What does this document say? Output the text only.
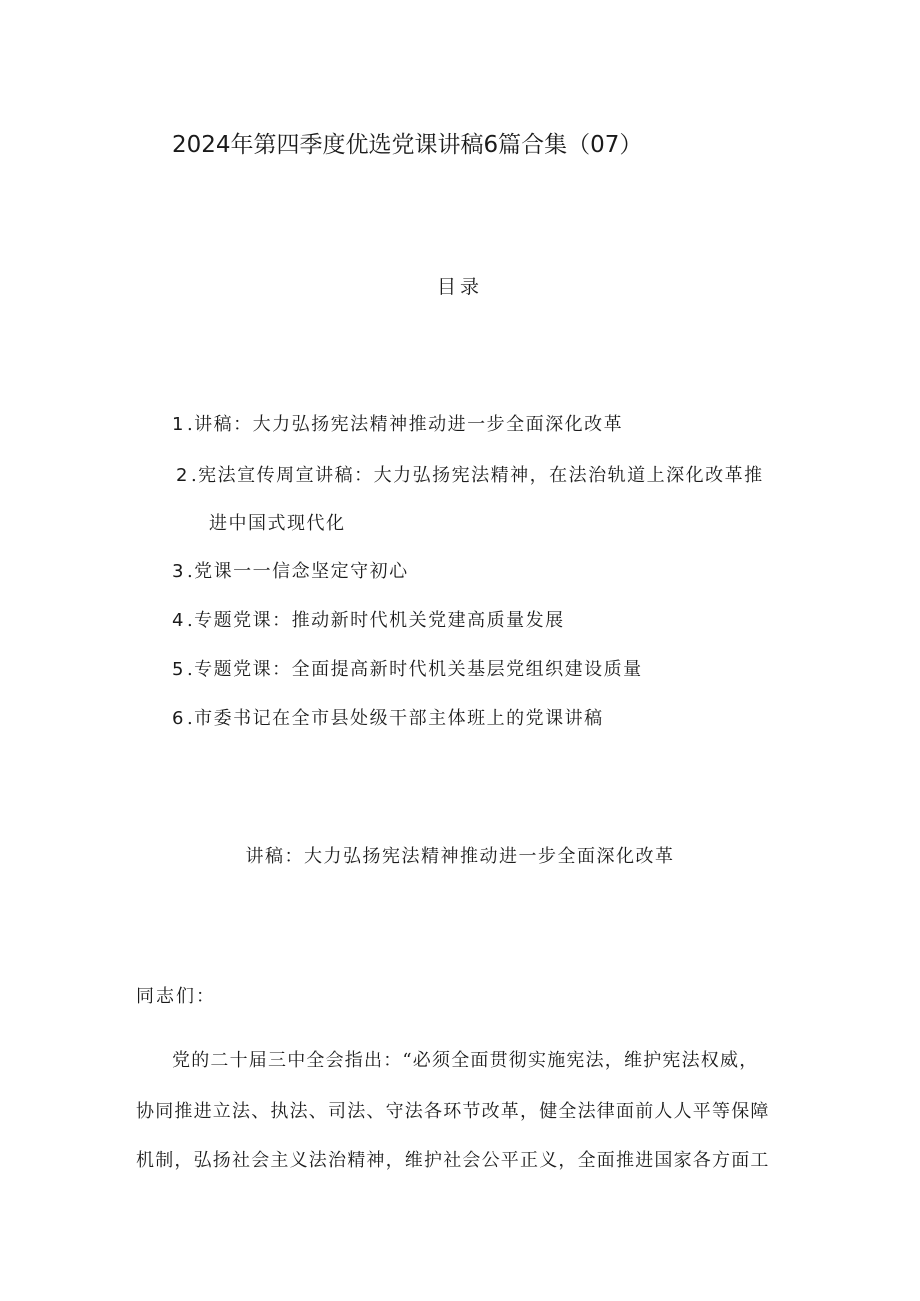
2024年第四季度优选党课讲稿6篇合集（07）
目录
1 .讲稿：大力弘扬宪法精神推动进一步全面深化改革
2 .宪法宣传周宣讲稿：大力弘扬宪法精神，在法治轨道上深化改革推
进中国式现代化
3 .党课一一信念坚定守初心
4 .专题党课：推动新时代机关党建高质量发展
5 .专题党课：全面提高新时代机关基层党组织建设质量
6 .市委书记在全市县处级干部主体班上的党课讲稿
讲稿：大力弘扬宪法精神推动进一步全面深化改革
同志们：
党的二十届三中全会指出：“必须全面贯彻实施宪法，维护宪法权威，
协同推进立法、执法、司法、守法各环节改革，健全法律面前人人平等保障
机制，弘扬社会主义法治精神，维护社会公平正义，全面推进国家各方面工
